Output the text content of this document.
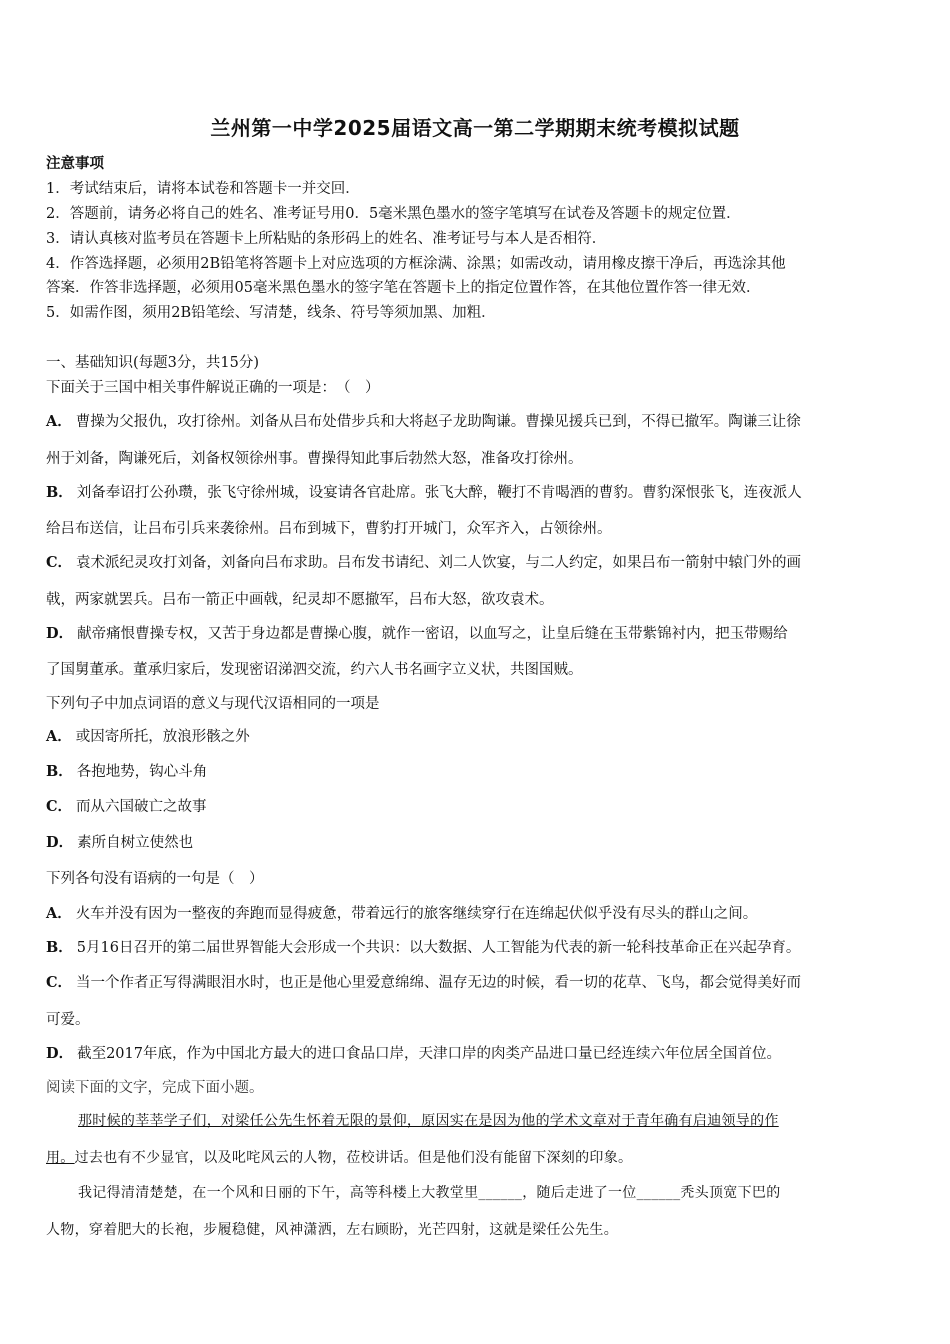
兰州第一中学2025届语文高一第二学期期末统考模拟试题
注意事项
1．考试结束后，请将本试卷和答题卡一并交回．
2．答题前，请务必将自己的姓名、准考证号用0．5毫米黑色墨水的签字笔填写在试卷及答题卡的规定位置．
3．请认真核对监考员在答题卡上所粘贴的条形码上的姓名、准考证号与本人是否相符．
4．作答选择题，必须用2B铅笔将答题卡上对应选项的方框涂满、涂黑；如需改动，请用橡皮擦干净后，再选涂其他
答案．作答非选择题，必须用05毫米黑色墨水的签字笔在答题卡上的指定位置作答，在其他位置作答一律无效．
5．如需作图，须用2B铅笔绘、写清楚，线条、符号等须加黑、加粗．
一、基础知识(每题3分，共15分)
下面关于三国中相关事件解说正确的一项是：　（　）
A． 曹操为父报仇，攻打徐州。刘备从吕布处借步兵和大将赵子龙助陶谦。曹操见援兵已到，不得已撤军。陶谦三让徐
州于刘备，陶谦死后，刘备权领徐州事。曹操得知此事后勃然大怒，准备攻打徐州。
B． 刘备奉诏打公孙瓒，张飞守徐州城，设宴请各官赴席。张飞大醉，鞭打不肯喝酒的曹豹。曹豹深恨张飞，连夜派人
给吕布送信，让吕布引兵来袭徐州。吕布到城下，曹豹打开城门，众军齐入，占领徐州。
C． 袁术派纪灵攻打刘备，刘备向吕布求助。吕布发书请纪、刘二人饮宴，与二人约定，如果吕布一箭射中辕门外的画
戟，两家就罢兵。吕布一箭正中画戟，纪灵却不愿撤军，吕布大怒，欲攻袁术。
D． 献帝痛恨曹操专权，又苦于身边都是曹操心腹，就作一密诏，以血写之，让皇后缝在玉带紫锦衬内，把玉带赐给
了国舅董承。董承归家后，发现密诏涕泗交流，约六人书名画字立义状，共图国贼。
下列句子中加点词语的意义与现代汉语相同的一项是
A． 或因寄所托，放浪形骸之外
B． 各抱地势，钩心斗角
C． 而从六国破亡之故事
D． 素所自树立使然也
下列各句没有语病的一句是（　）
A． 火车并没有因为一整夜的奔跑而显得疲惫，带着远行的旅客继续穿行在连绵起伏似乎没有尽头的群山之间。
B． 5月16日召开的第二届世界智能大会形成一个共识：以大数据、人工智能为代表的新一轮科技革命正在兴起孕育。
C． 当一个作者正写得满眼泪水时，也正是他心里爱意绵绵、温存无边的时候，看一切的花草、飞鸟，都会觉得美好而
可爱。
D． 截至2017年底，作为中国北方最大的进口食品口岸，天津口岸的肉类产品进口量已经连续六年位居全国首位。
阅读下面的文字，完成下面小题。
那时候的莘莘学子们，对梁任公先生怀着无限的景仰，原因实在是因为他的学术文章对于青年确有启迪领导的作
用。过去也有不少显官，以及叱咤风云的人物，莅校讲话。但是他们没有能留下深刻的印象。
我记得清清楚楚，在一个风和日丽的下午，高等科楼上大教堂里______，随后走进了一位______秃头顶宽下巴的
人物，穿着肥大的长袍，步履稳健，风神潇洒，左右顾盼，光芒四射，这就是梁任公先生。
